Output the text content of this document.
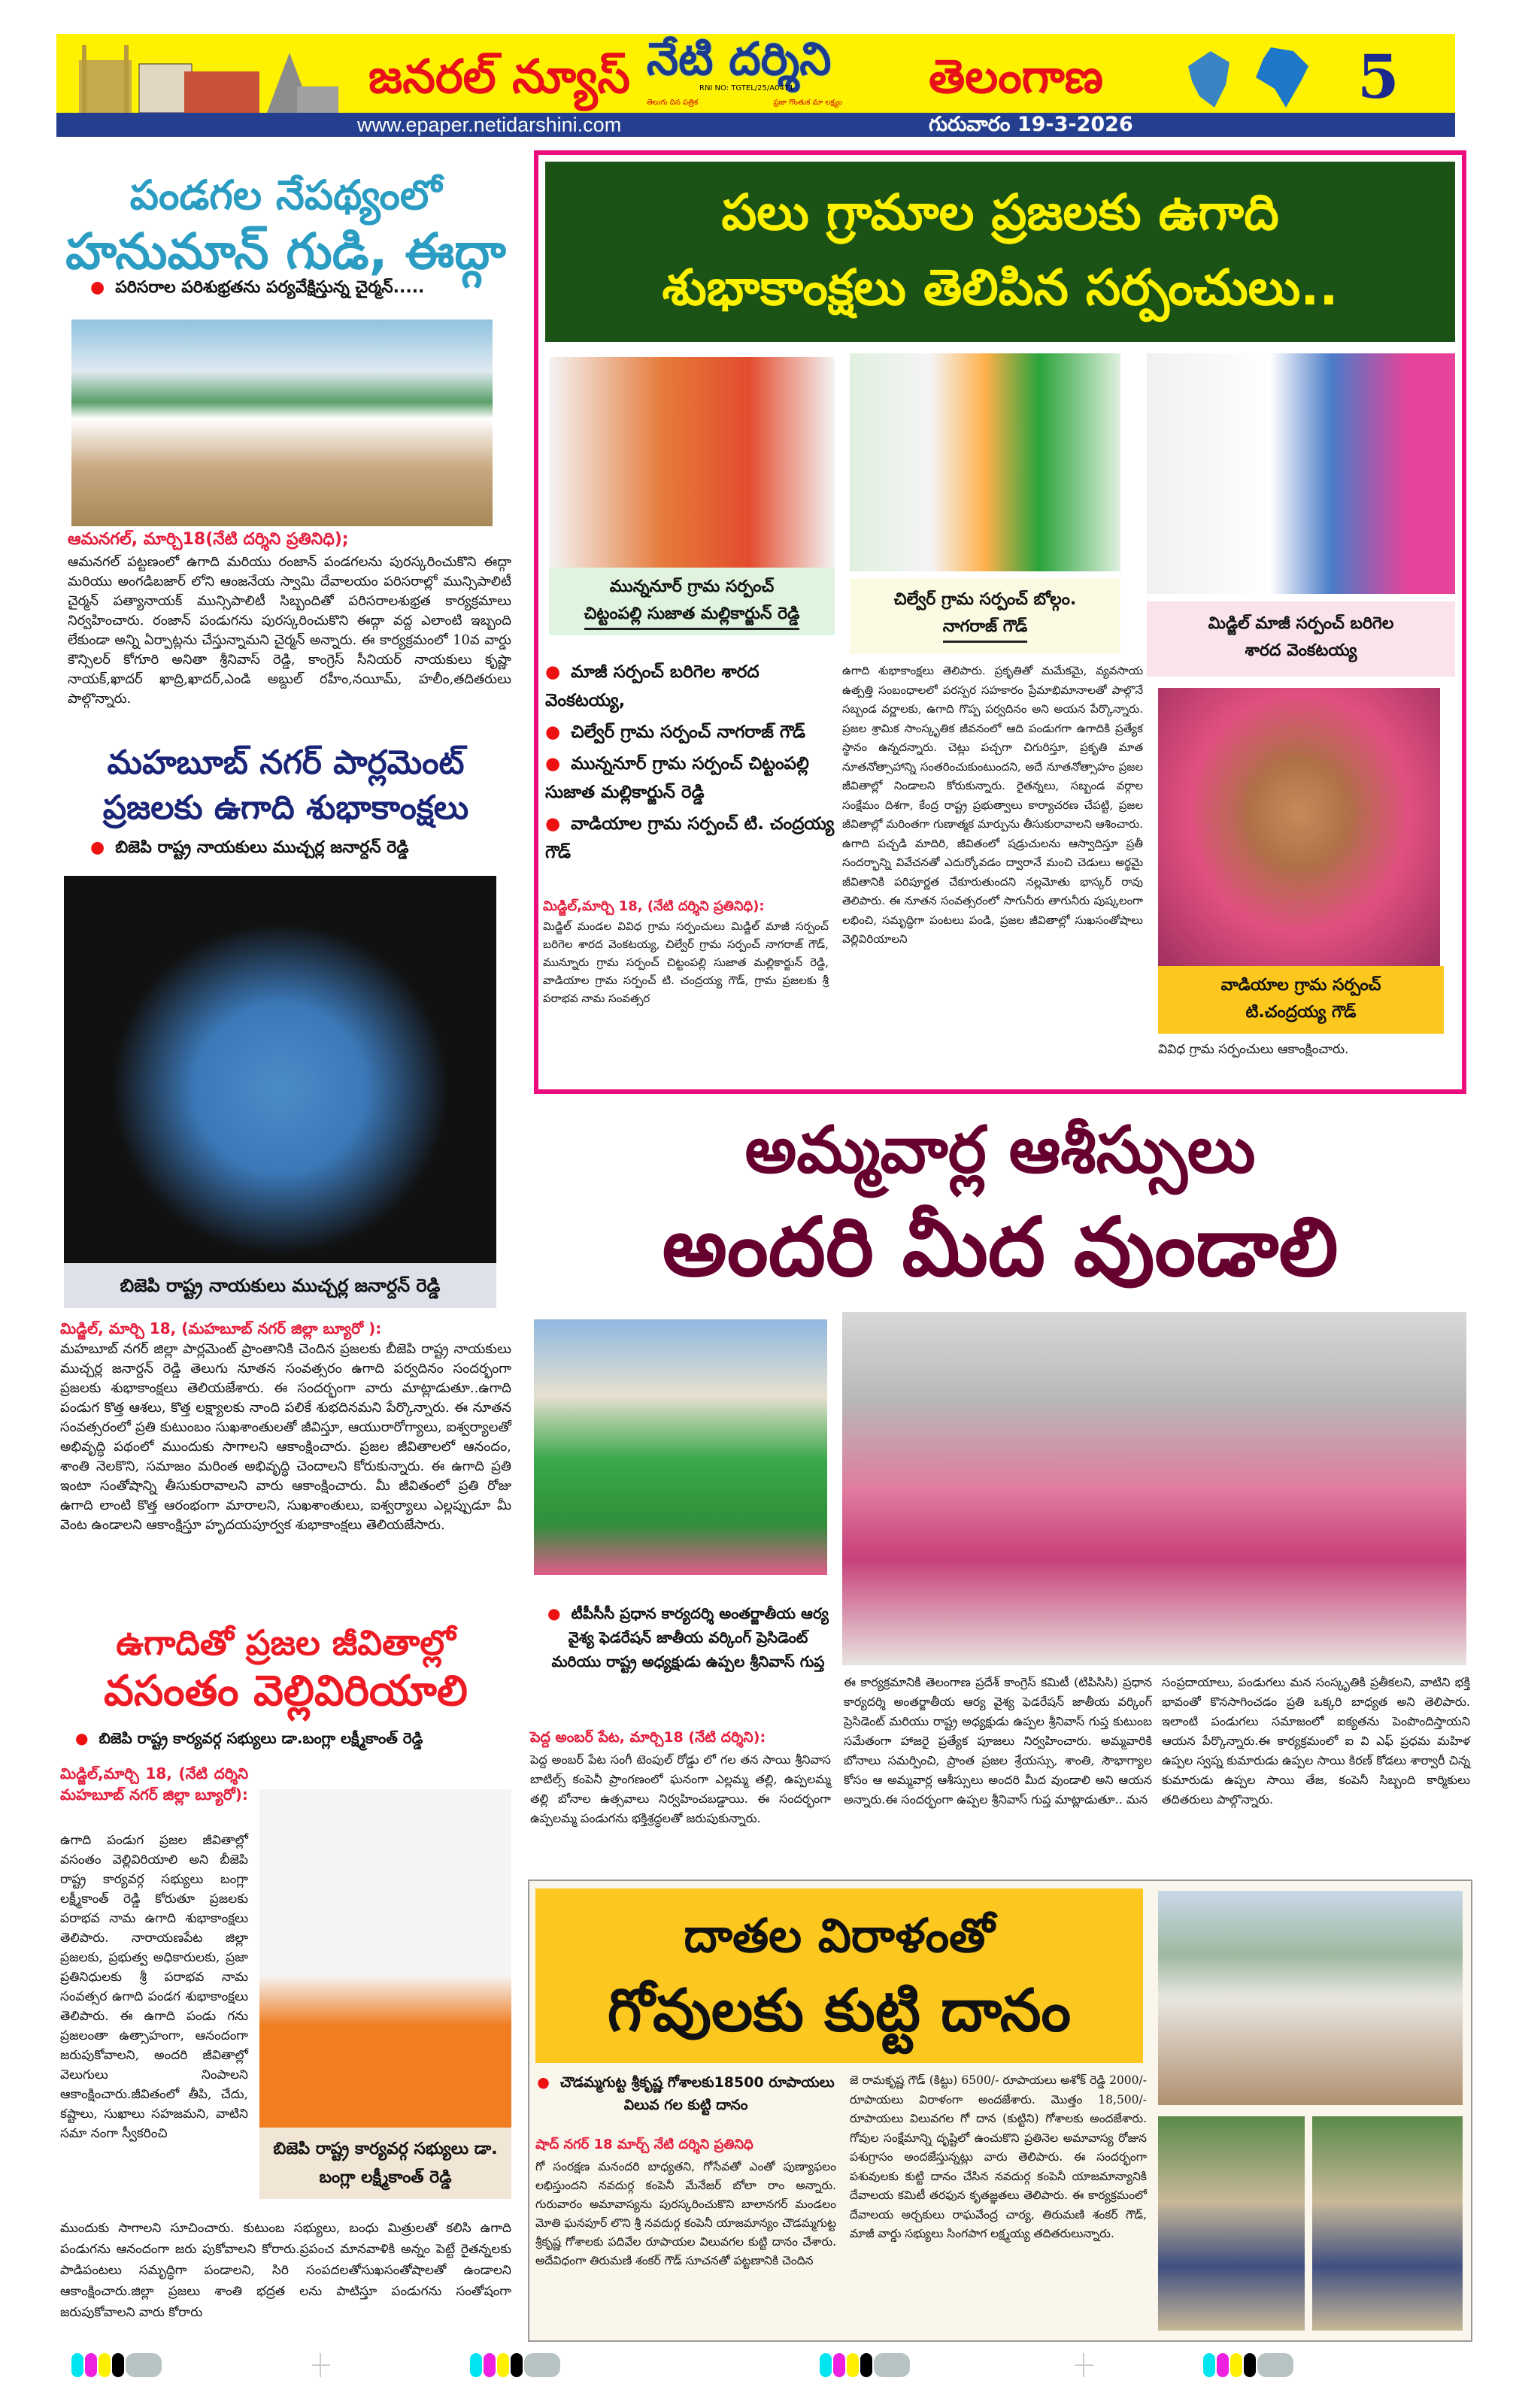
జనరల్ న్యూస్ నేటి దర్శిని
RNI NO: TGTEL/25/A0471
తెలుగు దిన పత్రిక	ప్రజా గొంతుక మా లక్ష్యం తెలంగాణ	5
www.epaper.netidarshini.com	గురువారం 19-3-2026
పండగల నేపథ్యంలో
హనుమాన్ గుడి, ఈద్గా
● పరిసరాల పరిశుభ్రతను పర్యవేక్షిస్తున్న చైర్మన్.....
ఆమనగల్, మార్చి18(నేటి దర్శిని ప్రతినిధి);
ఆమనగల్ పట్టణంలో ఉగాది మరియు రంజాన్ పండగలను పురస్కరించుకొని ఈద్గా మరియు అంగడిబజార్ లోని ఆంజనేయ స్వామి దేవాలయం పరిసరాల్లో మున్సిపాలిటీ చైర్మన్ పత్యానాయక్ మున్సిపాలిటీ సిబ్బందితో పరిసరాలశుభ్రత కార్యక్రమాలు నిర్వహించారు. రంజాన్ పండుగను పురస్కరించుకొని ఈద్గా వద్ద ఎలాంటి ఇబ్బంది లేకుండా అన్ని ఏర్పాట్లను చేస్తున్నామని చైర్మన్ అన్నారు. ఈ కార్యక్రమంలో 10వ వార్డు కౌన్సిలర్ కోగూరి అనితా శ్రీనివాస్ రెడ్డి, కాంగ్రెస్ సీనియర్ నాయకులు కృష్ణా నాయక్,ఖాదర్ ఖాద్రి,ఖాదర్,ఎండి అబ్దుల్ రహీం,నయీమ్, హలీం,తదితరులు పాల్గొన్నారు.
మహబూబ్ నగర్ పార్లమెంట్
ప్రజలకు ఉగాది శుభాకాంక్షలు
● బిజెపి రాష్ట్ర నాయకులు ముచ్చర్ల జనార్దన్ రెడ్డి
బిజెపి రాష్ట్ర నాయకులు ముచ్చర్ల జనార్దన్ రెడ్డి
మిడ్జిల్, మార్చి 18, (మహబూబ్ నగర్ జిల్లా బ్యూరో ):
మహబూబ్ నగర్ జిల్లా పార్లమెంట్ ప్రాంతానికి చెందిన ప్రజలకు బీజెపి రాష్ట్ర నాయకులు ముచ్చర్ల జనార్దన్ రెడ్డి తెలుగు నూతన సంవత్సరం ఉగాది పర్వదినం సందర్భంగా ప్రజలకు శుభాకాంక్షలు తెలియజేశారు. ఈ సందర్భంగా వారు మాట్లాడుతూ..ఉగాది పండుగ కొత్త ఆశలు, కొత్త లక్ష్యాలకు నాంది పలికే శుభదినమని పేర్కొన్నారు. ఈ నూతన సంవత్సరంలో ప్రతి కుటుంబం సుఖశాంతులతో జీవిస్తూ, ఆయురారోగ్యాలు, ఐశ్వర్యాలతో అభివృద్ధి పథంలో ముందుకు సాగాలని ఆకాంక్షించారు. ప్రజల జీవితాలలో ఆనందం, శాంతి నెలకొని, సమాజం మరింత అభివృద్ధి చెందాలని కోరుకున్నారు. ఈ ఉగాది ప్రతి ఇంటా సంతోషాన్ని తీసుకురావాలని వారు ఆకాంక్షించారు. మీ జీవితంలో ప్రతి రోజు ఉగాది లాంటి కొత్త ఆరంభంగా మారాలని, సుఖశాంతులు, ఐశ్వర్యాలు ఎల్లప్పుడూ మీ వెంట ఉండాలని ఆకాంక్షిస్తూ హృదయపూర్వక శుభాకాంక్షలు తెలియజేసారు.
ఉగాదితో ప్రజల జీవితాల్లో
వసంతం వెల్లివిరియాలి
● బిజెపి రాష్ట్ర కార్యవర్గ సభ్యులు డా.బంగ్లా లక్ష్మీకాంత్ రెడ్డి
మిడ్జిల్,మార్చి 18, (నేటి దర్శిని మహబూబ్ నగర్ జిల్లా బ్యూరో):
ఉగాది పండుగ ప్రజల జీవితాల్లో వసంతం వెల్లివిరియాలి అని బీజెపి రాష్ట్ర కార్యవర్గ సభ్యులు బంగ్లా లక్ష్మీకాంత్ రెడ్డి కోరుతూ ప్రజలకు పరాభవ నామ ఉగాది శుభాకాంక్షలు తెలిపారు. నారాయణపేట జిల్లా ప్రజలకు, ప్రభుత్వ అధికారులకు, ప్రజా ప్రతినిధులకు శ్రీ పరాభవ నామ సంవత్సర ఉగాది పండగ శుభాకాంక్షలు తెలిపారు. ఈ ఉగాది పండు గను ప్రజలంతా ఉత్సాహంగా, ఆనందంగా జరుపుకోవాలని, అందరి జీవితాల్లో వెలుగులు నింపాలని ఆకాంక్షించారు.జీవితంలో తీపి, చేదు, కష్టాలు, సుఖాలు సహజమని, వాటిని సమా నంగా స్వీకరించి
బిజెపి రాష్ట్ర కార్యవర్గ సభ్యులు డా. బంగ్లా లక్ష్మీకాంత్ రెడ్డి
ముందుకు సాగాలని సూచించారు. కుటుంబ సభ్యులు, బంధు మిత్రులతో కలిసి ఉగాది పండుగను ఆనందంగా జరు పుకోవాలని కోరారు.ప్రపంచ మానవాళికి అన్నం పెట్టే రైతన్నలకు పాడిపంటలు సమృద్ధిగా పండాలని, సిరి సంపదలతోసుఖసంతోషాలతో ఉండాలని ఆకాంక్షించారు.జిల్లా ప్రజలు శాంతి భద్రత లను పాటిస్తూ పండుగను సంతోషంగా జరుపుకోవాలని వారు కోరారు
పలు గ్రామాల ప్రజలకు ఉగాది
శుభాకాంక్షలు తెలిపిన సర్పంచులు..
మున్ననూర్ గ్రామ సర్పంచ్
చిట్టంపల్లి సుజాత మల్లికార్జున్ రెడ్డి
చిల్వేర్ గ్రామ సర్పంచ్ బోల్గం.
నాగరాజ్ గౌడ్	మిడ్జిల్ మాజీ సర్పంచ్ బరిగెల
శారద వెంకటయ్య
వాడియాల గ్రామ సర్పంచ్
టి.చంద్రయ్య గౌడ్
వివిధ గ్రామ సర్పంచులు ఆకాంక్షించారు.
● మాజీ సర్పంచ్ బరిగెల శారద వెంకటయ్య,
● చిల్వేర్ గ్రామ సర్పంచ్ నాగరాజ్ గౌడ్
● మున్ననూర్ గ్రామ సర్పంచ్ చిట్టంపల్లి సుజాత మల్లికార్జున్ రెడ్డి
● వాడియాల గ్రామ సర్పంచ్ టి. చంద్రయ్య గౌడ్
మిడ్జిల్,మార్చి 18, (నేటి దర్శిని ప్రతినిధి):
మిడ్జిల్ మండల వివిధ గ్రామ సర్పంచులు మిడ్జిల్ మాజీ సర్పంచ్ బరిగెల శారద వెంకటయ్య, చిల్వేర్ గ్రామ సర్పంచ్ నాగరాజ్ గౌడ్, మున్నూరు గ్రామ సర్పంచ్ చిట్టంపల్లి సుజాత మల్లికార్జున్ రెడ్డి, వాడియాల గ్రామ సర్పంచ్ టి. చంద్రయ్య గౌడ్, గ్రామ ప్రజలకు శ్రీ పరాభవ నామ సంవత్సర
ఉగాది శుభాకాంక్షలు తెలిపారు. ప్రకృతితో మమేకమై, వ్యవసాయ ఉత్పత్తి సంబంధాలలో పరస్పర సహకారం ప్రేమాభిమానాలతో పాల్గొనే సబ్బండ వర్ణాలకు, ఉగాది గొప్ప పర్వదినం అని అయన పేర్కొన్నారు. ప్రజల శ్రామిక సాంస్కృతిక జీవనంలో ఆది పండుగగా ఉగాదికి ప్రత్యేక స్థానం ఉన్నదన్నారు. చెట్లు పచ్చగా చిగురిస్తూ, ప్రకృతి మాత నూతనోత్సాహాన్ని సంతరించుకుంటుందని, అదే నూతనోత్సాహం ప్రజల జీవితాల్లో నిండాలని కోరుకున్నారు. రైతన్నలు, సబ్బండ వర్గాల సంక్షేమం దిశగా, కేంద్ర రాష్ట్ర ప్రభుత్వాలు కార్యాచరణ చేపట్టి, ప్రజల జీవితాల్లో మరింతగా గుణాత్మక మార్పును తీసుకురావాలని ఆశించారు. ఉగాది పచ్చడి మాదిరి, జీవితంలో షడ్రుచులను ఆస్వాదిస్తూ ప్రతీ సందర్భాన్ని వివేచనతో ఎదుర్కోవడం ద్వారానే మంచి చెడులు అర్థమై జీవితానికి పరిపూర్ణత చేకూరుతుందని నల్లమోతు భాస్కర్ రావు తెలిపారు. ఈ నూతన సంవత్సరంలో సాగునీరు తాగునీరు పుష్కలంగా లభించి, సమృద్ధిగా పంటలు పండి, ప్రజల జీవితాల్లో సుఖసంతోషాలు వెల్లివిరియాలని
అమ్మవార్ల ఆశీస్సులు
అందరి మీద వుండాలి
● టీపీసీసీ ప్రధాన కార్యదర్శి అంతర్జాతీయ ఆర్య వైశ్య ఫెడరేషన్ జాతీయ వర్కింగ్ ప్రెసిడెంట్ మరియు రాష్ట్ర అధ్యక్షుడు ఉప్పల శ్రీనివాస్ గుప్త
పెద్ద అంబర్ పేట, మార్చి18 (నేటి దర్శిని):
పెద్ద అంబర్ పేట సంగీ టెంపుల్ రోడ్డు లో గల తన సాయి శ్రీనివాస బాటిల్స్ కంపెనీ ప్రాంగణంలో ఘనంగా ఎల్లమ్మ తల్లి, ఉప్పలమ్మ తల్లి బోనాల ఉత్సవాలు నిర్వహించబడ్డాయి. ఈ సందర్భంగా ఉప్పలమ్మ పండుగను భక్తిశ్రద్ధలతో జరుపుకున్నారు.
ఈ కార్యక్రమానికి తెలంగాణ ప్రదేశ్ కాంగ్రెస్ కమిటీ (టిపిసిసి) ప్రధాన కార్యదర్శి అంతర్జాతీయ ఆర్య వైశ్య ఫెడరేషన్ జాతీయ వర్కింగ్ ప్రెసిడెంట్ మరియు రాష్ట్ర అధ్యక్షుడు ఉప్పల శ్రీనివాస్ గుప్త కుటుంబ సమేతంగా హాజరై ప్రత్యేక పూజలు నిర్వహించారు. అమ్మవారికి బోనాలు సమర్పించి, ప్రాంత ప్రజల శ్రేయస్సు, శాంతి, సౌభాగ్యాల కోసం ఆ అమ్మవార్ల ఆశీస్సులు అందరి మీద వుండాలి అని ఆయన అన్నారు.ఈ సందర్భంగా ఉప్పల శ్రీనివాస్ గుప్త మాట్లాడుతూ.. మన
సంప్రదాయాలు, పండుగలు మన సంస్కృతికి ప్రతీకలని, వాటిని భక్తి భావంతో కొనసాగించడం ప్రతి ఒక్కరి బాధ్యత అని తెలిపారు. ఇలాంటి పండుగలు సమాజంలో ఐక్యతను పెంపొందిస్తాయని ఆయన పేర్కొన్నారు.ఈ కార్యక్రమంలో ఐ వి ఎఫ్ ప్రధమ మహిళ ఉప్పల స్వప్న కుమారుడు ఉప్పల సాయి కిరణ్ కోడలు శార్వారీ చిన్న కుమారుడు ఉప్పల సాయి తేజ, కంపెనీ సిబ్బంది కార్మికులు తదితరులు పాల్గొన్నారు.
దాతల విరాళంతో
గోవులకు కుట్టి దానం
● చౌడమ్మగుట్ట శ్రీకృష్ణ గోశాలకు18500 రూపాయలు విలువ గల కుట్టి దానం
షాద్ నగర్ 18 మార్చ్ నేటి దర్శిని ప్రతినిధి
గో సంరక్షణ మనందరి బాధ్యతని, గోసేవతో ఎంతో పుణ్యాఫలం లభిస్తుందని నవదుర్గ కంపెనీ మేనేజర్ బోలా రాం అన్నారు. గురువారం అమావాస్యను పురస్కరించుకొని బాలానగర్ మండలం మోతి ఘనపూర్ లొని శ్రీ నవదుర్గ కంపెనీ యాజమాన్యం చౌడమ్మగుట్ట శ్రీకృష్ణ గోశాలకు పదివేల రూపాయల విలువగల కుట్టి దానం చేశారు. అదేవిధంగా తిరుమణి శంకర్ గౌడ్ సూచనతో పట్టణానికి చెందిన
జె రామకృష్ణ గౌడ్ (కిట్టు) 6500/- రూపాయలు అశోక్ రెడ్డి 2000/- రూపాయలు విరాళంగా అందజేశారు. మొత్తం 18,500/- రూపాయలు విలువగల గో దాన (కుట్టిని) గోశాలకు అందజేశారు. గోవుల సంక్షేమాన్ని దృష్టిలో ఉంచుకొని ప్రతినెల అమావాస్య రోజున పశుగ్రాసం అందజేస్తున్నట్లు వారు తెలిపారు. ఈ సందర్భంగా పశువులకు కుట్టి దానం చేసిన నవదుర్గ కంపెనీ యాజమాన్యానికి దేవాలయ కమిటీ తరఫున కృతజ్ఞతలు తెలిపారు. ఈ కార్యక్రమంలో దేవాలయ అర్చకులు రాఘవేంద్ర చార్య, తిరుమణి శంకర్ గౌడ్, మాజీ వార్డు సభ్యులు సింగపాగ లక్ష్మయ్య తదితరులున్నారు.
